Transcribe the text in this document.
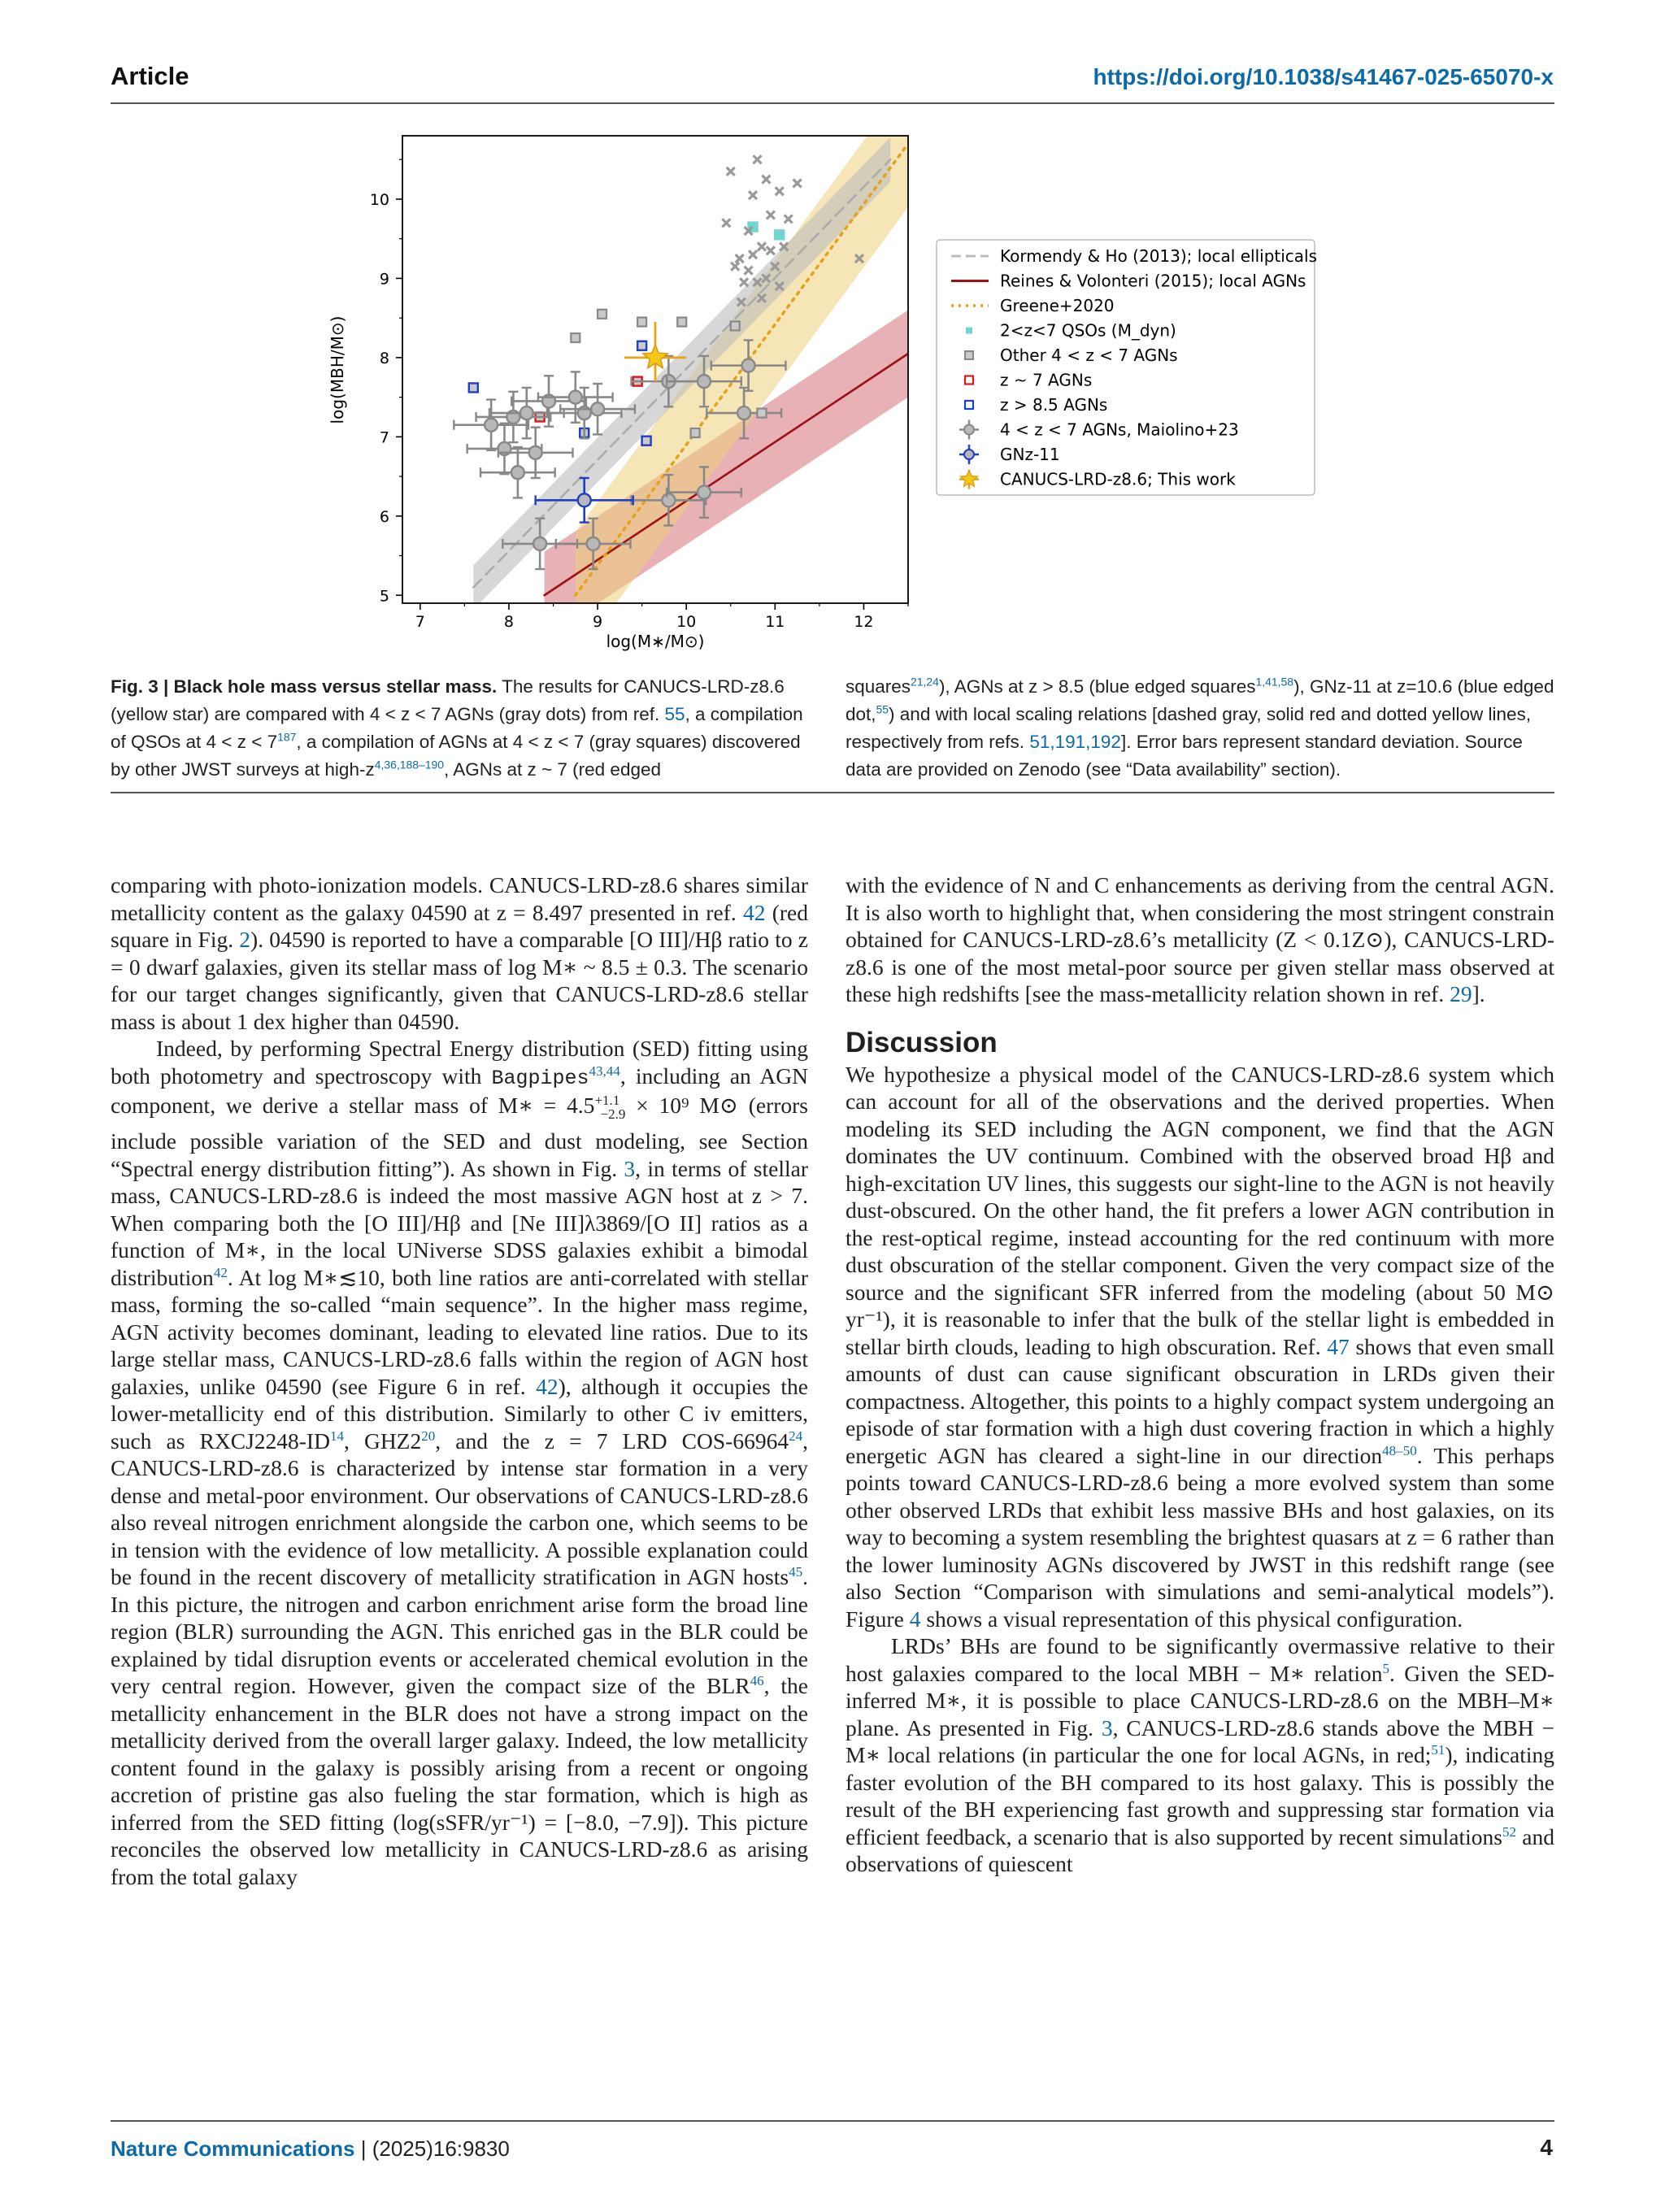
Article	https://doi.org/10.1038/s41467-025-65070-x
7	8	9	10	11	12
5
6
7
8
9
10
log(M∗/M⊙)
log(MBH/M⊙)
Kormendy & Ho (2013); local ellipticals
Reines & Volonteri (2015); local AGNs
Greene+2020
2<z<7 QSOs (M_dyn)
Other 4 < z < 7 AGNs
z ~ 7 AGNs
z > 8.5 AGNs
4 < z < 7 AGNs, Maiolino+23
GNz-11
CANUCS-LRD-z8.6; This work
Fig. 3 | Black hole mass versus stellar mass. The results for CANUCS-LRD-z8.6 (yellow star) are compared with 4 < z < 7 AGNs (gray dots) from ref. 55, a compilation of QSOs at 4 < z < 7$^{187}$, a compilation of AGNs at 4 < z < 7 (gray squares) discovered by other JWST surveys at high-z$^{4,36,188-190}$, AGNs at z ~ 7 (red edged
squares$^{21,24}$), AGNs at z > 8.5 (blue edged squares$^{1,41,58}$), GNz-11 at z=10.6 (blue edged dot,$^{55}$) and with local scaling relations [dashed gray, solid red and dotted yellow lines, respectively from refs. 51,191,192]. Error bars represent standard deviation. Source data are provided on Zenodo (see “Data availability” section).

comparing with photo-ionization models. CANUCS-LRD-z8.6 shares similar metallicity content as the galaxy 04590 at z = 8.497 presented in ref. 42 (red square in Fig. 2). 04590 is reported to have a comparable [O III]/Hβ ratio to z = 0 dwarf galaxies, given its stellar mass of log M∗ ~ 8.5 ± 0.3. The scenario for our target changes significantly, given that CANUCS-LRD-z8.6 stellar mass is about 1 dex higher than 04590.

Indeed, by performing Spectral Energy distribution (SED) fitting using both photometry and spectroscopy with Bagpipes$^{43,44}$, including an AGN component, we derive a stellar mass of M∗ = $4.5^{+1.1}_{-2.9} \times 10^9$ M⊙ (errors include possible variation of the SED and dust modeling, see Section “Spectral energy distribution fitting”). As shown in Fig. 3, in terms of stellar mass, CANUCS-LRD-z8.6 is indeed the most massive AGN host at z > 7. When comparing both the [O III]/Hβ and [Ne III]λ3869/[O II] ratios as a function of M∗, in the local UNiverse SDSS galaxies exhibit a bimodal distribution$^{42}$. At log M∗≲10, both line ratios are anti-correlated with stellar mass, forming the so-called “main sequence”. In the higher mass regime, AGN activity becomes dominant, leading to elevated line ratios. Due to its large stellar mass, CANUCS-LRD-z8.6 falls within the region of AGN host galaxies, unlike 04590 (see Figure 6 in ref. 42), although it occupies the lower-metallicity end of this distribution. Similarly to other C iv emitters, such as RXCJ2248-ID$^{14}$, GHZ2$^{20}$, and the z = 7 LRD COS-66964$^{24}$, CANUCS-LRD-z8.6 is characterized by intense star formation in a very dense and metal-poor environment. Our observations of CANUCS-LRD-z8.6 also reveal nitrogen enrichment alongside the carbon one, which seems to be in tension with the evidence of low metallicity. A possible explanation could be found in the recent discovery of metallicity stratification in AGN hosts$^{45}$. In this picture, the nitrogen and carbon enrichment arise form the broad line region (BLR) surrounding the AGN. This enriched gas in the BLR could be explained by tidal disruption events or accelerated chemical evolution in the very central region. However, given the compact size of the BLR$^{46}$, the metallicity enhancement in the BLR does not have a strong impact on the metallicity derived from the overall larger galaxy. Indeed, the low metallicity content found in the galaxy is possibly arising from a recent or ongoing accretion of pristine gas also fueling the star formation, which is high as inferred from the SED fitting (log(sSFR/yr⁻¹) = [−8.0, −7.9]). This picture reconciles the observed low metallicity in CANUCS-LRD-z8.6 as arising from the total galaxy

with the evidence of N and C enhancements as deriving from the central AGN. It is also worth to highlight that, when considering the most stringent constrain obtained for CANUCS-LRD-z8.6’s metallicity (Z < 0.1Z⊙), CANUCS-LRD-z8.6 is one of the most metal-poor source per given stellar mass observed at these high redshifts [see the mass-metallicity relation shown in ref. 29].

Discussion

We hypothesize a physical model of the CANUCS-LRD-z8.6 system which can account for all of the observations and the derived properties. When modeling its SED including the AGN component, we find that the AGN dominates the UV continuum. Combined with the observed broad Hβ and high-excitation UV lines, this suggests our sight-line to the AGN is not heavily dust-obscured. On the other hand, the fit prefers a lower AGN contribution in the rest-optical regime, instead accounting for the red continuum with more dust obscuration of the stellar component. Given the very compact size of the source and the significant SFR inferred from the modeling (about 50 M⊙ yr⁻¹), it is reasonable to infer that the bulk of the stellar light is embedded in stellar birth clouds, leading to high obscuration. Ref. 47 shows that even small amounts of dust can cause significant obscuration in LRDs given their compactness. Altogether, this points to a highly compact system undergoing an episode of star formation with a high dust covering fraction in which a highly energetic AGN has cleared a sight-line in our direction$^{48-50}$. This perhaps points toward CANUCS-LRD-z8.6 being a more evolved system than some other observed LRDs that exhibit less massive BHs and host galaxies, on its way to becoming a system resembling the brightest quasars at z = 6 rather than the lower luminosity AGNs discovered by JWST in this redshift range (see also Section “Comparison with simulations and semi-analytical models”). Figure 4 shows a visual representation of this physical configuration.

LRDs’ BHs are found to be significantly overmassive relative to their host galaxies compared to the local MBH − M∗ relation$^5$. Given the SED-inferred M∗, it is possible to place CANUCS-LRD-z8.6 on the MBH–M∗ plane. As presented in Fig. 3, CANUCS-LRD-z8.6 stands above the MBH − M∗ local relations (in particular the one for local AGNs, in red;$^{51}$), indicating faster evolution of the BH compared to its host galaxy. This is possibly the result of the BH experiencing fast growth and suppressing star formation via efficient feedback, a scenario that is also supported by recent simulations$^{52}$ and observations of quiescent

Nature Communications | (2025)16:9830	4
